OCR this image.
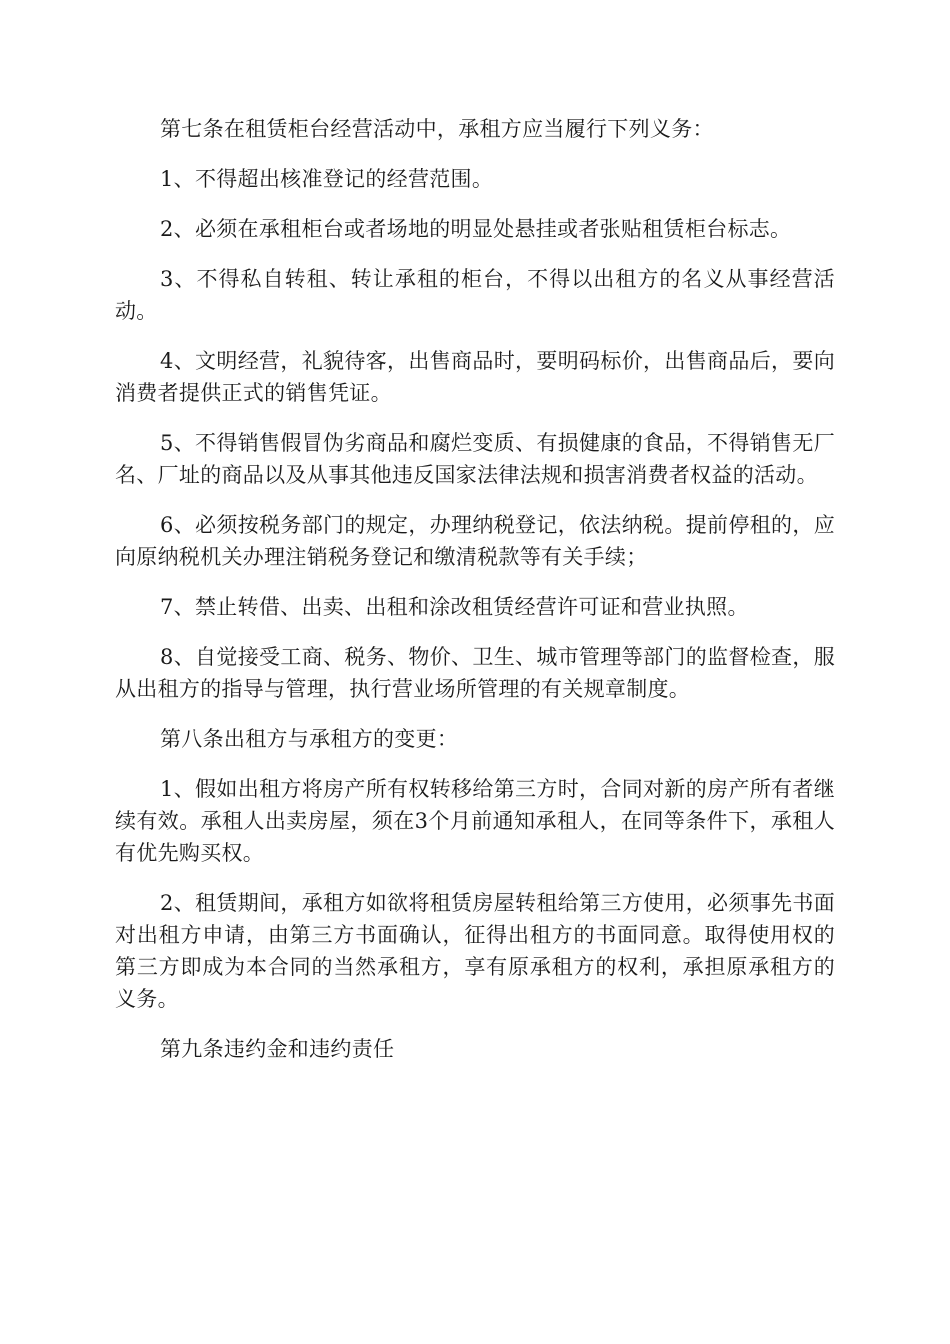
第七条在租赁柜台经营活动中，承租方应当履行下列义务：

1、不得超出核准登记的经营范围。

2、必须在承租柜台或者场地的明显处悬挂或者张贴租赁柜台标志。

3、不得私自转租、转让承租的柜台，不得以出租方的名义从事经营活动。

4、文明经营，礼貌待客，出售商品时，要明码标价，出售商品后，要向消费者提供正式的销售凭证。

5、不得销售假冒伪劣商品和腐烂变质、有损健康的食品，不得销售无厂名、厂址的商品以及从事其他违反国家法律法规和损害消费者权益的活动。

6、必须按税务部门的规定，办理纳税登记，依法纳税。提前停租的，应向原纳税机关办理注销税务登记和缴清税款等有关手续；

7、禁止转借、出卖、出租和涂改租赁经营许可证和营业执照。

8、自觉接受工商、税务、物价、卫生、城市管理等部门的监督检查，服从出租方的指导与管理，执行营业场所管理的有关规章制度。

第八条出租方与承租方的变更：

1、假如出租方将房产所有权转移给第三方时，合同对新的房产所有者继续有效。承租人出卖房屋，须在3个月前通知承租人，在同等条件下，承租人有优先购买权。

2、租赁期间，承租方如欲将租赁房屋转租给第三方使用，必须事先书面对出租方申请，由第三方书面确认，征得出租方的书面同意。取得使用权的第三方即成为本合同的当然承租方，享有原承租方的权利，承担原承租方的义务。

第九条违约金和违约责任
